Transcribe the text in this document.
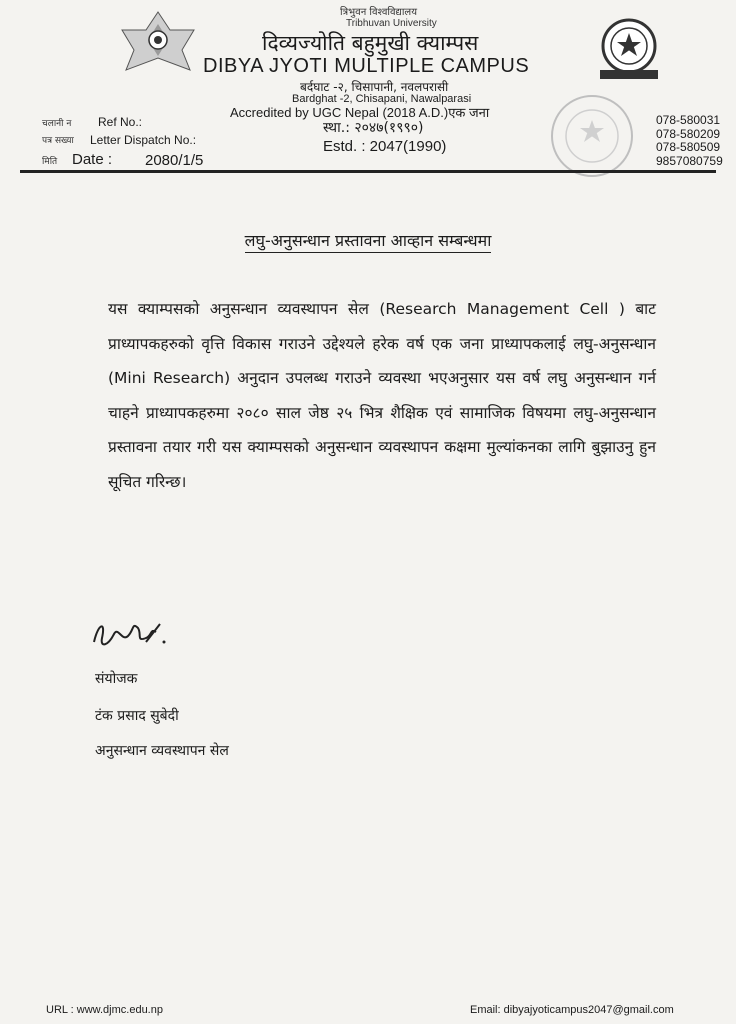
त्रिभुवन विश्वविद्यालय
Tribhuvan University
दिव्यज्योति बहुमुखी क्याम्पस
DIBYA JYOTI MULTIPLE CAMPUS
बर्दघाट -२, चिसापानी, नवलपरासी
Bardghat -2, Chisapani, Nawalparasi
Accredited by UGC Nepal (2018 A.D.)एक जना
स्था.: २०४७(१९९०)
Estd. : 2047(1990)
078-580031
078-580209
078-580509
9857080759
चलानी न Ref No.:
पत्र सख्या Letter Dispatch No.:
मिति Date : 2080/1/5
लघु-अनुसन्धान प्रस्तावना आव्हान सम्बन्धमा
यस क्याम्पसको अनुसन्धान व्यवस्थापन सेल (Research Management Cell ) बाट प्राध्यापकहरुको वृत्ति विकास गराउने उद्देश्यले हरेक वर्ष एक जना प्राध्यापकलाई लघु-अनुसन्धान (Mini Research) अनुदान उपलब्ध गराउने व्यवस्था भएअनुसार यस वर्ष लघु अनुसन्धान गर्न चाहने प्राध्यापकहरुमा २०८० साल जेष्ठ २५ भित्र शैक्षिक एवं सामाजिक विषयमा लघु-अनुसन्धान प्रस्तावना तयार गरी यस क्याम्पसको अनुसन्धान व्यवस्थापन कक्षमा मुल्यांकनका लागि बुझाउनु हुन सूचित गरिन्छ।
संयोजक
टंक प्रसाद सुबेदी
अनुसन्धान व्यवस्थापन सेल
URL : www.djmc.edu.np	Email: dibyajyoticampus2047@gmail.com
